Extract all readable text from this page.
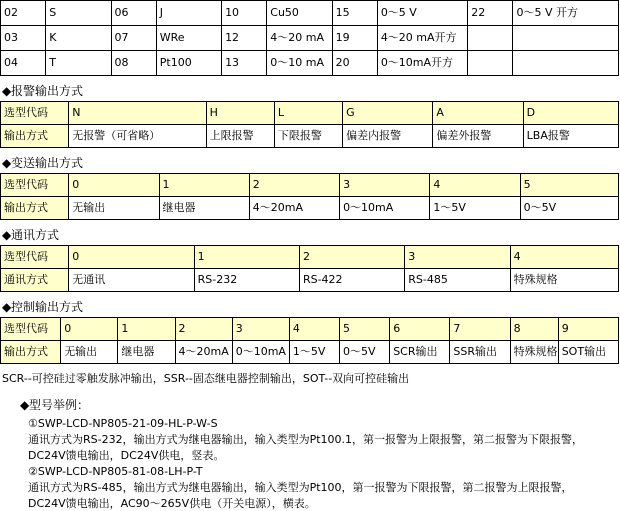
02	S	06	J	10	Cu50	15	0～5 V	22	0～5 V 开方
03	K	07	WRe	12	4～20 mA	19	4～20 mA开方		
04	T	08	Pt100	13	0～10 mA	20	0～10mA开方		
◆报警输出方式
选型代码	N	H	L	G	A	D
输出方式	无报警（可省略）	上限报警	下限报警	偏差内报警	偏差外报警	LBA报警
◆变送输出方式
选型代码	0	1	2	3	4	5
输出方式	无输出	继电器	4～20mA	0～10mA	1～5V	0～5V
◆通讯方式
选型代码	0	1	2	3	4
通讯方式	无通讯	RS-232	RS-422	RS-485	特殊规格
◆控制输出方式
选型代码	0	1	2	3	4	5	6	7	8	9
输出方式	无输出	继电器	4～20mA	0～10mA	1～5V	0～5V	SCR输出	SSR输出	特殊规格	SOT输出
SCR--可控硅过零触发脉冲输出，SSR--固态继电器控制输出，SOT--双向可控硅输出
◆型号举例：
①SWP-LCD-NP805-21-09-HL-P-W-S
通讯方式为RS-232，输出方式为继电器输出，输入类型为Pt100.1，第一报警为上限报警，第二报警为下限报警，
DC24V馈电输出，DC24V供电，竖表。
②SWP-LCD-NP805-81-08-LH-P-T
通讯方式为RS-485，输出方式为继电器输出，输入类型为Pt100，第一报警为下限报警，第二报警为上限报警，
DC24V馈电输出，AC90～265V供电（开关电源），横表。
